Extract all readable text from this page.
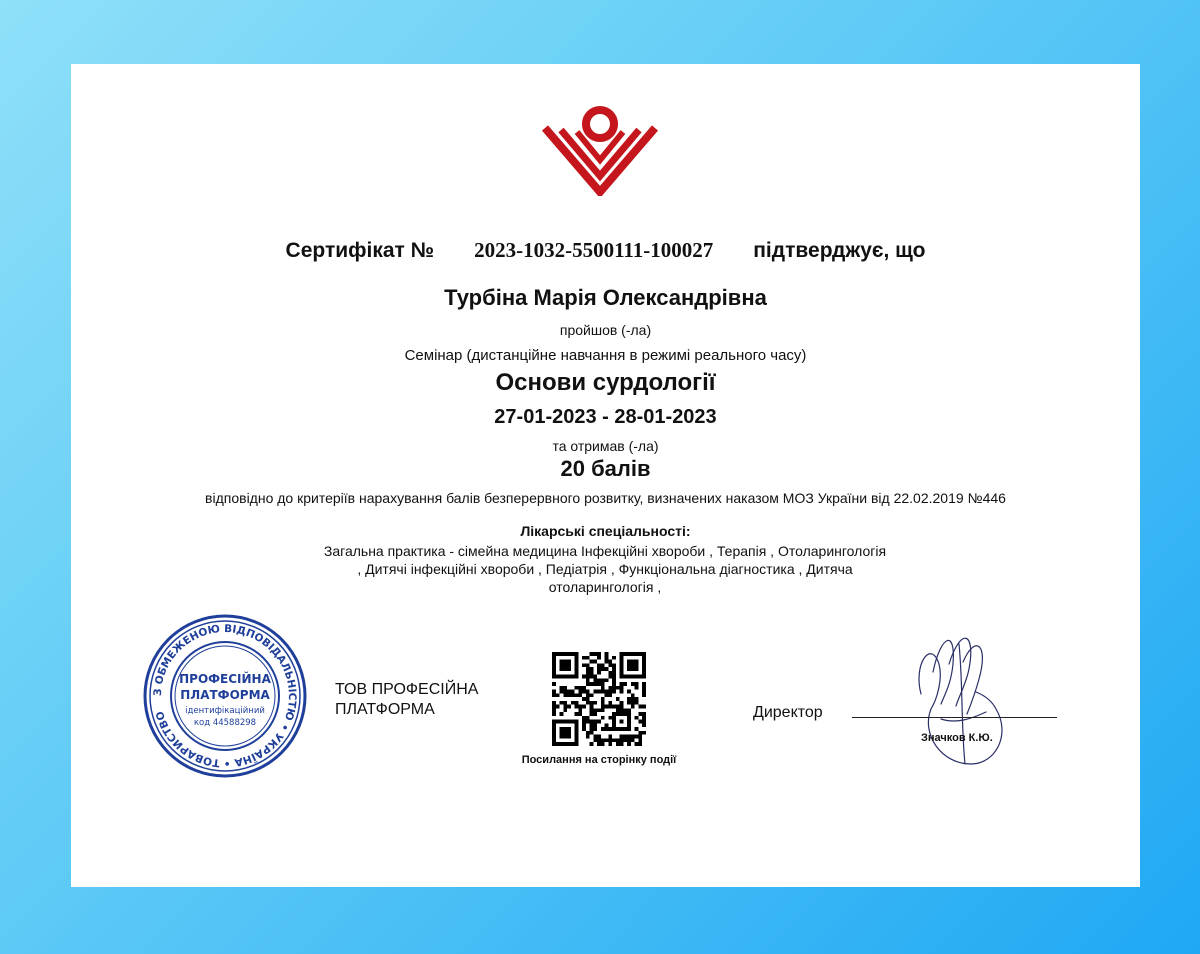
Сертифікат № 2023-1032-5500111-100027 підтверджує, що
Турбіна Марія Олександрівна
пройшов (-ла)
Семінар (дистанційне навчання в режимі реального часу)
Основи сурдології
27-01-2023 - 28-01-2023
та отримав (-ла)
20 балів
відповідно до критеріїв нарахування балів безперервного розвитку, визначених наказом МОЗ України від 22.02.2019 №446
Лікарські спеціальності:
Загальна практика - сімейна медицина Інфекційні хвороби , Терапія , Отоларингологія
, Дитячі інфекційні хвороби , Педіатрія , Функціональна діагностика , Дитяча
отоларингологія ,
З ОБМЕЖЕНОЮ ВІДПОВІДАЛЬНІСТЮ • УКРАЇНА • ТОВАРИСТВО
ПРОФЕСІЙНА
ПЛАТФОРМА
ідентифікаційний
код 44588298
ТОВ ПРОФЕСІЙНА
ПЛАТФОРМА
Посилання на сторінку події
Директор
Значков К.Ю.
